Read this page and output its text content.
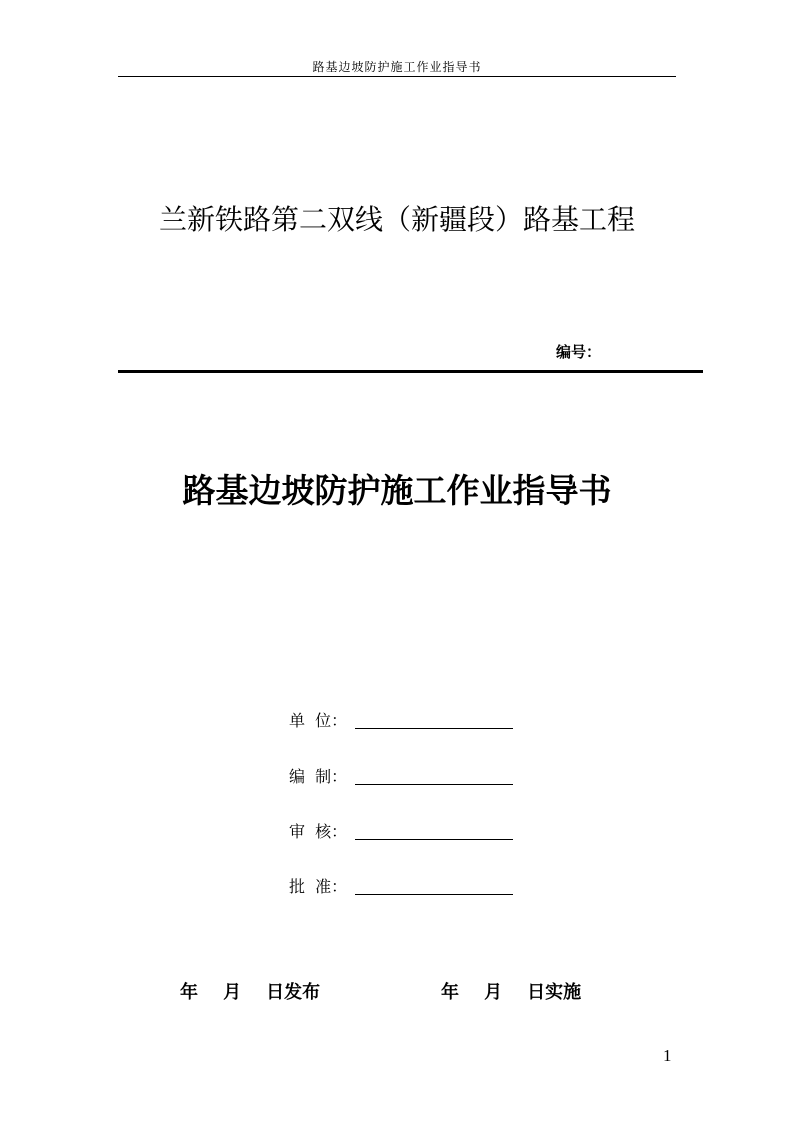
路基边坡防护施工作业指导书
兰新铁路第二双线（新疆段）路基工程
编号：
路基边坡防护施工作业指导书
单  位：
编  制：
审  核：
批  准：
年    月    日发布	年    月    日实施
1
